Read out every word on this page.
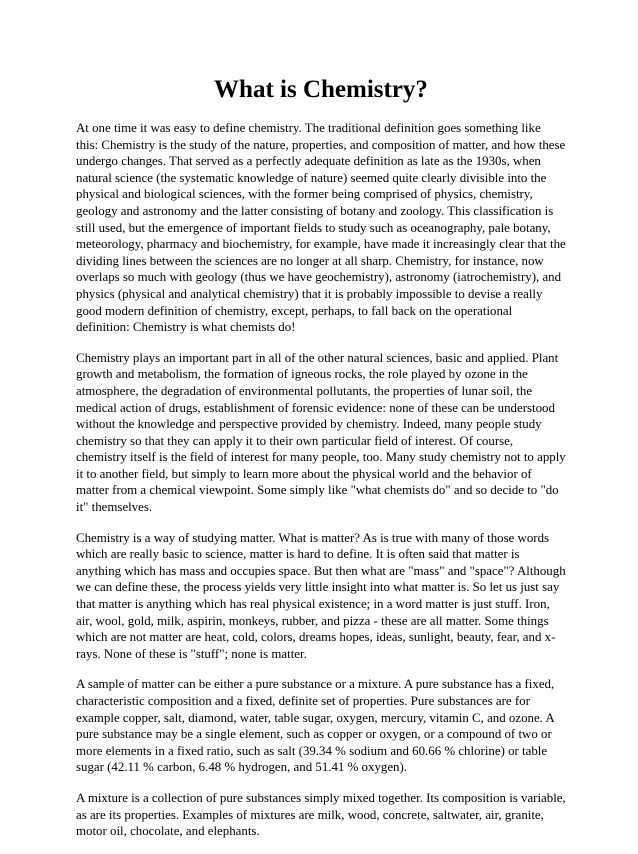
What is Chemistry?

At one time it was easy to define chemistry. The traditional definition goes something like this: Chemistry is the study of the nature, properties, and composition of matter, and how these undergo changes. That served as a perfectly adequate definition as late as the 1930s, when natural science (the systematic knowledge of nature) seemed quite clearly divisible into the physical and biological sciences, with the former being comprised of physics, chemistry, geology and astronomy and the latter consisting of botany and zoology. This classification is still used, but the emergence of important fields to study such as oceanography, pale botany, meteorology, pharmacy and biochemistry, for example, have made it increasingly clear that the dividing lines between the sciences are no longer at all sharp. Chemistry, for instance, now overlaps so much with geology (thus we have geochemistry), astronomy (iatrochemistry), and physics (physical and analytical chemistry) that it is probably impossible to devise a really good modern definition of chemistry, except, perhaps, to fall back on the operational definition: Chemistry is what chemists do!

Chemistry plays an important part in all of the other natural sciences, basic and applied. Plant growth and metabolism, the formation of igneous rocks, the role played by ozone in the atmosphere, the degradation of environmental pollutants, the properties of lunar soil, the medical action of drugs, establishment of forensic evidence: none of these can be understood without the knowledge and perspective provided by chemistry. Indeed, many people study chemistry so that they can apply it to their own particular field of interest. Of course, chemistry itself is the field of interest for many people, too. Many study chemistry not to apply it to another field, but simply to learn more about the physical world and the behavior of matter from a chemical viewpoint. Some simply like "what chemists do" and so decide to "do it" themselves.

Chemistry is a way of studying matter. What is matter? As is true with many of those words which are really basic to science, matter is hard to define. It is often said that matter is anything which has mass and occupies space. But then what are "mass" and "space"? Although we can define these, the process yields very little insight into what matter is. So let us just say that matter is anything which has real physical existence; in a word matter is just stuff. Iron, air, wool, gold, milk, aspirin, monkeys, rubber, and pizza - these are all matter. Some things which are not matter are heat, cold, colors, dreams hopes, ideas, sunlight, beauty, fear, and x-rays. None of these is "stuff"; none is matter.

A sample of matter can be either a pure substance or a mixture. A pure substance has a fixed, characteristic composition and a fixed, definite set of properties. Pure substances are for example copper, salt, diamond, water, table sugar, oxygen, mercury, vitamin C, and ozone. A pure substance may be a single element, such as copper or oxygen, or a compound of two or more elements in a fixed ratio, such as salt (39.34 % sodium and 60.66 % chlorine) or table sugar (42.11 % carbon, 6.48 % hydrogen, and 51.41 % oxygen).

A mixture is a collection of pure substances simply mixed together. Its composition is variable, as are its properties. Examples of mixtures are milk, wood, concrete, saltwater, air, granite, motor oil, chocolate, and elephants.
